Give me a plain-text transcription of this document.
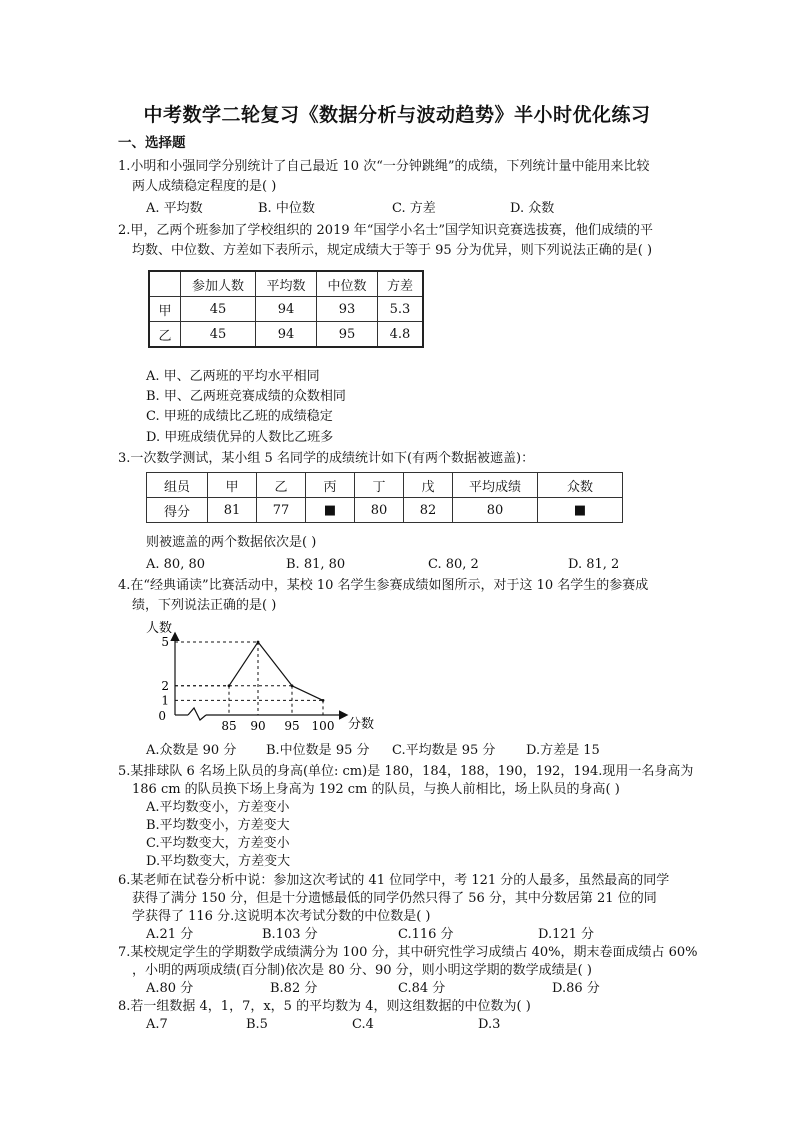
中考数学二轮复习《数据分析与波动趋势》半小时优化练习
一、选择题
1.小明和小强同学分别统计了自己最近 10 次“一分钟跳绳”的成绩，下列统计量中能用来比较
两人成绩稳定程度的是( )
A. 平均数	B. 中位数	C. 方差	D. 众数
2.甲，乙两个班参加了学校组织的 2019 年“国学小名士”国学知识竞赛选拔赛，他们成绩的平
均数、中位数、方差如下表所示，规定成绩大于等于 95 分为优异，则下列说法正确的是( )
	参加人数	平均数	中位数	方差
甲	45	94	93	5.3
乙	45	94	95	4.8
A. 甲、乙两班的平均水平相同
B. 甲、乙两班竞赛成绩的众数相同
C. 甲班的成绩比乙班的成绩稳定
D. 甲班成绩优异的人数比乙班多
3.一次数学测试，某小组 5 名同学的成绩统计如下(有两个数据被遮盖)：
组员	甲	乙	丙	丁	戊	平均成绩	众数
得分	81	77	■	80	82	80	■
则被遮盖的两个数据依次是( )
A. 80, 80	B. 81, 80	C. 80, 2	D. 81, 2
4.在“经典诵读”比赛活动中，某校 10 名学生参赛成绩如图所示，对于这 10 名学生的参赛成
绩，下列说法正确的是( )
人数
分数
0
85 90 95 100
1
2
5
A.众数是 90 分 B.中位数是 95 分 C.平均数是 95 分 D.方差是 15
5.某排球队 6 名场上队员的身高(单位: cm)是 180，184，188，190，192，194.现用一名身高为
186 cm 的队员换下场上身高为 192 cm 的队员，与换人前相比，场上队员的身高( )
A.平均数变小，方差变小
B.平均数变小，方差变大
C.平均数变大，方差变小
D.平均数变大，方差变大
6.某老师在试卷分析中说：参加这次考试的 41 位同学中，考 121 分的人最多，虽然最高的同学
获得了满分 150 分，但是十分遗憾最低的同学仍然只得了 56 分，其中分数居第 21 位的同
学获得了 116 分.这说明本次考试分数的中位数是( )
A.21 分	B.103 分	C.116 分	D.121 分
7.某校规定学生的学期数学成绩满分为 100 分，其中研究性学习成绩占 40%，期末卷面成绩占 60%
，小明的两项成绩(百分制)依次是 80 分、90 分，则小明这学期的数学成绩是( )
A.80 分	B.82 分	C.84 分	D.86 分
8.若一组数据 4，1，7，x，5 的平均数为 4，则这组数据的中位数为( )
A.7	B.5	C.4	D.3
